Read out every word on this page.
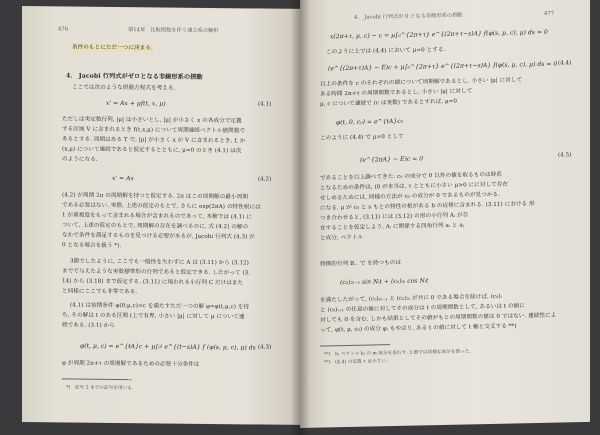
476	第14章　比較関数を伴う連立系の解析
条件のもとにただ一つに決まる.
4.　Jacobi 行列式がゼロとなる非線形系の摂動
ここでは次のような摂動方程式を考える.
x' = Ax + μf(t, x, μ)	(4.1)
ただしは実定数行列, |μ| は小さいとし, |μ| が小さく x の各成分で定義
する区域 V に含まれるとき f(t,x,μ) について周期連続ベクトル値関数で
あるとする. 周期はある T で, |μ| が小さく x が V に含まれるとき, f, か
(x,μ) について連続であると仮定するとともに, μ=0 のとき (4.1) は次
のようになる.
x' = Ax	(4.2)
(4.2) が周期 2π の周期解を持つと仮定する. 2π はこの周期解の最小周期
である必要はない. 実際, 上述の仮定のもとで, さらに exp(2πA) の特性根には
1 が重複度をもって含まれる場合が含まれるのであって, 本節では (4.1) に
ついて, 上述の仮定のもとで, 周期解の存在を調べるのに, 式 (4.2) の解の
なかで条件を満足するものを見つける必要があるが, Jacobi 行列式 (4.3) が
0 となる場合を扱う *).
3節でしたように, ここでも一般性を失わずに A は (3.11) から (3.12)
までで与えたような実数標準形の行列であると仮定できる. したがって (3.
14) から (3.18) まで仮定する. (3.11) に現われる小行列 C だけはまた
と同様にここでも非零である.
(4.1) は初期条件 φ(0,μ,c)=c を満たすただ一つの解 φ=φ(t,μ,c) を持
ち, その解は t のある区間 (上で有界, 小さい |μ| に対して μ について連
続である. (3.1) から
φ(t, μ, c) = e^{tA}c + μ∫₀ᵗ e^{(t−s)A} f (φ(s, μ, c), μ) ds (4.3)
φ が周期 2π+τ の周期解であるための必要十分条件は
*)　記号 3 までの記号を用いる.
4.　Jacobi 行列式が 0 となる非線形系の摂動	477
x(2π+τ, μ, c) − c = μ∫₀^{2π+τ} e^{(2π+τ−s)A} f(φ(s, μ, c), μ) ds = 0
このように上では (4.4) において μ=0 とする.
(e^{(2π+τ)A} − E)c + μ∫₀^{2π+τ} e^{(2π+τ−s)A} f(φ(s, μ, c), μ) ds = 0 (4.4)
以上の条件を c のそれぞれの値について周期解であるとし, 小さい |μ| に対して
ある時間 2π+τ の周期関数であるとし, 小さい |μ| に対して
μ, c について連続で (c は実数) であるとすれば, μ=0
φ(t, 0, c₀) = e^{tA}c₀
このように (4.4) で μ=0 として
(e^{2πA} − E)c = 0	(4.5)
であることを以上調べてきた. c₀ の成分で 0 以外の値を取るものは時系
となるための条件は, (0 が本当は, τ とともに小さい μ>0 にに対して存在
せしめるためには, 同様の方法が c₀ の成分が 0 であるものが見つかる.
になる. μ が c₀ と s もとの特性の根がある b の近傍に含まれる. (3.11) における 形
つき合わせると, (3.11) には (3.12) の形の小行列 Aᵢ が存
在することを仮定しよう. Aᵢ に関係する四角行列 aᵢ と aⱼ
と成分, ベクトル
特徴的行列 B.. で を持つものは
(c₀)₂ᵢ₋₁ sin Nᵢt + (c₀)₂ᵢ cos Nᵢt
を満たしたがって, (c₀)₂ᵢ₋₁ と (c₀)₂ᵢ が共に 0 である場合を除けば, (c₀)ᵢ
と (c₀)ᵢ₊₁ の任意の値に対してその成分は t の周期関数として, あるいは t の値に
対しても 0 を含む. しかも結果としてその値がもとの周期関数の値は 0 ではない. 連続性によ
って, φ(t, μ, c₀) の成分 φᵢ もやはり, ある t の値に対して t 軸と交叉する **)
**)　bᵢ ベクトル bᵢ の m 成分を表わす. 3 節では同様な成分を使った.
**)　(4.4) の定数 τ は小さい.
